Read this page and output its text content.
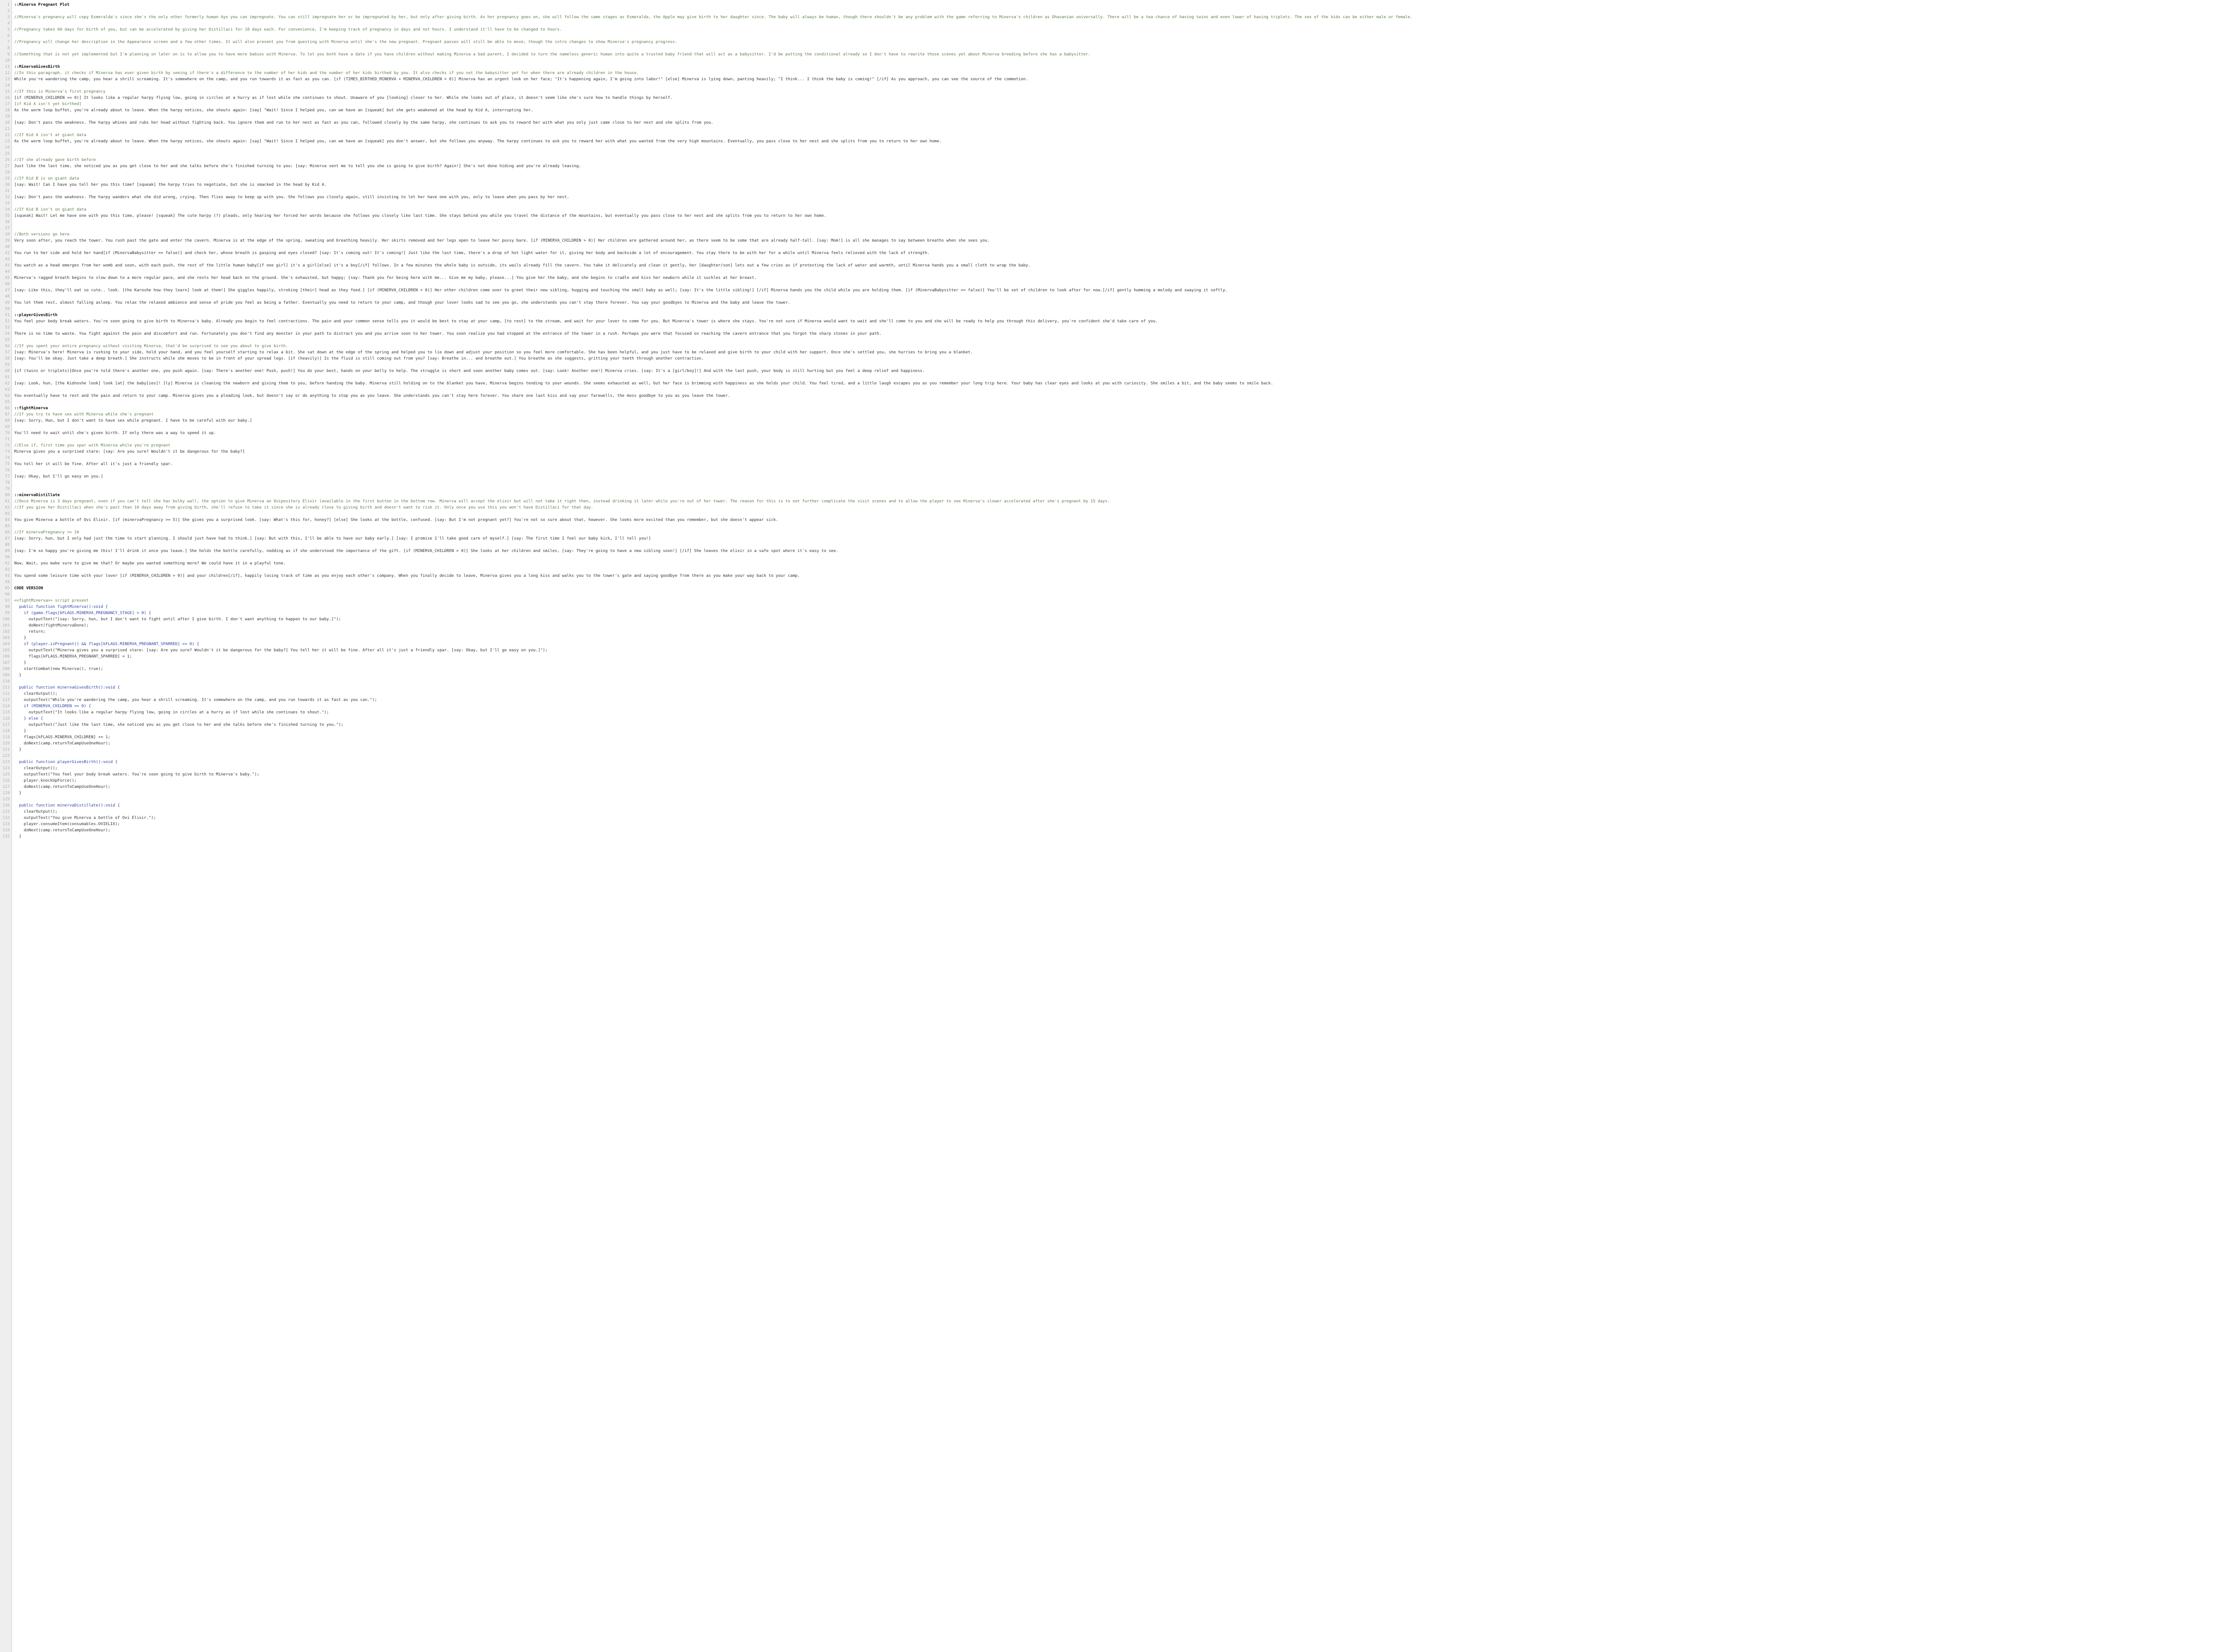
1 ::Minerva Pregnant Plot
2
3 //Minerva's pregnancy will copy Esmeralda's since she's the only other formerly human Ayo you can impregnate. You can still impregnate her or be impregnated by her, but only after giving birth. As her pregnancy goes on, she will follow the same stages as Esmeralda, the Apple may give birth to her daughter since. The baby will always be human, though there shouldn't be any problem with the game referring to Minerva's children as Dhavanian universally. There will be a tea chance of having twins and even lower of having triplets. The sex of the kids can be either male or female.
4
5 //Pregnancy takes 60 days for birth of you, but can be accelerated by giving her Distillaci for 10 days each. For convenience, I'm keeping track of pregnancy in days and not hours. I understand it'll have to be changed to hours.
6
7 //Pregnancy will change her description in the Appearance screen and a few other times. It will also prevent you from questing with Minerva until she's the new pregnant. Pregnant passes will still be able to move, though the intro changes to show Minerva's pregnancy progress.
8
9 //Something that is not yet implemented but I'm planning on later on is to allow you to have more babies with Minerva. To let you both have a date if you have children without making Minerva a bad parent, I decided to turn the nameless generic human into quite a trusted baby friend that will act as a babysitter. I'd be putting the conditional already so I don't have to rewrite those scenes yet about Minerva breeding before she has a babysitter.
10
11 ::MinervaGivesBirth
12 //In this paragraph, it checks if Minerva has ever given birth by seeing if there's a difference to the number of her kids and the number of her kids birthed by you. It also checks if you set the babysitter yet for when there are already children in the house.
13 While you're wandering the camp, you hear a shrill screaming. It's somewhere on the camp, and you run towards it as fast as you can. [if (TIMES_BIRTHED_MINERVA + MINERVA_CHILDREN > 0)] Minerva has an urgent look on her face; "It's happening again, I'm going into labor!" [else] Minerva is lying down, panting heavily; "I think... I think the baby is coming!" [/if] As you approach, you can see the source of the commotion.
14
15 //If this is Minerva's first pregnancy
16 [if (MINERVA_CHILDREN == 0)] It looks like a regular harpy flying low, going in circles at a hurry as if lost while she continues to shout. Unaware of you [looking] closer to her. While she looks out of place, it doesn't seem like she's sure how to handle things by herself.
17 [if Kid A isn't yet birthed]
18 As the worm loop buffet, you're already about to leave. When the harpy notices, she shouts again: [say] "Wait! Since I helped you, can we have an [squeak] but she gets weakened at the head by Kid A, interrupting her.
19
20 [say: Don't pass the weakness. The harpy whines and rubs her head without fighting back. You ignore them and run to her nest as fast as you can, followed closely by the same harpy, she continues to ask you to reward her with what you only just came close to her nest and she splits from you.
21
22 //If Kid A isn't at giant data
23 As the worm loop buffet, you're already about to leave. When the harpy notices, she shouts again: [say] "Wait! Since I helped you, can we have an [squeak] you don't answer, but she follows you anyway. The harpy continues to ask you to reward her with what you wanted from the very high mountains. Eventually, you pass close to her nest and she splits from you to return to her own home.
24
25
26 //If she already gave birth before
27 Just like the last time, she noticed you as you get close to her and she talks before she's finished turning to you: [say: Minerva sent me to tell you she is going to give birth? Again!] She's not done hiding and you're already leaving.
28
29 //If Kid B is on giant data
30 [say: Wait! Can I have you tell her you this time? [squeak] the harpy tries to negotiate, but she is smacked in the head by Kid A.
31
32 [say: Don't pass the weakness. The harpy wanders what she did wrong, crying. Then flies away to keep up with you. She follows you closely again, still insisting to let her have one with you, only to leave when you pass by her nest.
33
34 //If Kid B isn't on giant data
35 [squeak] Wait! Let me have one with you this time, please! [squeak] The cute harpy (?) pleads, only hearing her forced her words because she follows you closely like last time. She stays behind you while you travel the distance of the mountains, but eventually you pass close to her nest and she splits from you to return to her own home.
36
37
38 //Both versions go here
39 Very soon after, you reach the tower. You rush past the gate and enter the cavern. Minerva is at the edge of the spring, sweating and breathing heavily. Her skirts removed and her legs open to leave her pussy bare. [if (MINERVA_CHILDREN > 0)] Her children are gathered around her, as there seem to be some that are already half-tall. [say: Mom!] is all she manages to say between breaths when she sees you.
40
41 You run to her side and hold her hand[if (MinervaBabysitter == false)] and check her, whose breath is gasping and eyes closed? [say: It's coming out! It's coming!] Just like the last time, there's a drop of hot light water for it, giving her body and backside a lot of encouragement. You stay there to be with her for a while until Minerva feels relieved with the lack of strength.
42
43 You watch as a head emerges from her womb and soon, with each push, the rest of the little human baby[if one girl] it's a girl[else] it's a boy[/if] follows. In a few minutes the whole baby is outside, its wails already fill the cavern. You take it delicately and clean it gently, her [daughter/son] lets out a few cries as if protesting the lack of water and warmth, until Minerva hands you a small cloth to wrap the baby.
44
45 Minerva's ragged breath begins to slow down to a more regular pace, and she rests her head back on the ground. She's exhausted, but happy; [say: Thank you for being here with me... Give me my baby, please...] You give her the baby, and she begins to cradle and kiss her newborn while it suckles at her breast.
46
47 [say: Like this, they'll eat so cute.. look. [the Karoshe how they learn] look at them!] She giggles happily, stroking [their] head as they feed.] [if (MINERVA_CHILDREN > 0)] Her other children come over to greet their new sibling, hugging and touching the small baby as well; [say: It's the little sibling!] [/if] Minerva hands you the child while you are holding them. [if (MinervaBabysitter == false)] You'll be set of children to look after for now.[/if] gently humming a melody and swaying it softly.
48
49 You let them rest, almost falling asleep. You relax the relaxed ambience and sense of pride you feel as being a father. Eventually you need to return to your camp, and though your lover looks sad to see you go, she understands you can't stay there forever. You say your goodbyes to Minerva and the baby and leave the tower.
50
51 ::playerGivesBirth
52 You feel your body break waters. You're soon going to give birth to Minerva's baby. Already you begin to feel contractions. The pain and your common sense tells you it would be best to stay at your camp, [to rest] to the stream, and wait for your lover to come for you. But Minerva's tower is where she stays. You're not sure if Minerva would want to wait and she'll come to you and she will be ready to help you through this delivery, you're confident she'd take care of you.
53
54 There is no time to waste. You fight against the pain and discomfort and run. Fortunately you don't find any monster in your path to distract you and you arrive soon to her tower. You soon realize you had stopped at the entrance of the tower in a rush. Perhaps you were that focused on reaching the cavern entrance that you forgot the sharp stones in your path.
55
56 //If you spent your entire pregnancy without visiting Minerva, that'd be surprised to see you about to give birth.
57 [say: Minerva's here! Minerva is rushing to your side, hold your hand, and you feel yourself starting to relax a bit. She sat down at the edge of the spring and helped you to lie down and adjust your position so you feel more comfortable. She has been helpful, and you just have to be relaxed and give birth to your child with her support. Once she's settled you, she hurries to bring you a blanket.
58 [say: You'll be okay. Just take a deep breath.] She instructs while she moves to be in front of your spread legs. [if (heavily)] Is the fluid is still coming out from you? [say: Breathe in... and breathe out.] You breathe as she suggests, gritting your teeth through another contraction.
59
60 [if (twins or triplets)]Once you're told there's another one, you push again. [say: There's another one! Push, push!] You do your best, hands on your belly to help. The struggle is short and soon another baby comes out. [say: Look! Another one!] Minerva cries. [say: It's a [girl/boy]!] And with the last push, your body is still hurting but you feel a deep relief and happiness.
61
62 [say: Look, hun, [the Kidnoshe look] look [at] the baby[ies]! [ly] Minerva is cleaning the newborn and giving them to you, before handing the baby. Minerva still holding on to the blanket you have, Minerva begins tending to your wounds. She seems exhausted as well, but her face is brimming with happiness as she holds your child. You feel tired, and a little laugh escapes you as you remember your long trip here. Your baby has clear eyes and looks at you with curiosity. She smiles a bit, and the baby seems to smile back.
63
64 You eventually have to rest and the pain and return to your camp. Minerva gives you a pleading look, but doesn't say or do anything to stop you as you leave. She understands you can't stay here forever. You share one last kiss and say your farewells, the moss goodbye to you as you leave the tower.
65
66 ::fightMinerva
67 //If you try to have sex with Minerva while she's pregnant
68 [say: Sorry, Hun, but I don't want to have sex while pregnant. I have to be careful with our baby.]
69
70 You'll need to wait until she's given birth. If only there was a way to speed it up.
71
72 //Else if, first time you spar with Minerva while you're pregnant
73 Minerva gives you a surprised stare: [say: Are you sure? Wouldn't it be dangerous for the baby?]
74
75 You tell her it will be fine. After all it's just a friendly spar.
76
77 [say: Okay, but I'll go easy on you.]
78
79
80 ::minervaDistillate
81 //Once Minerva is 3 days pregnant, even if you can't tell she has bulky wall, the option to give Minerva an Ovipository Elixir (available in the first button in the bottom row. Minerva will accept the elixir but will not take it right then, instead drinking it later while you're out of her tower. The reason for this is to not further complicate the visit scenes and to allow the player to see Minerva's slower accelerated after she's pregnant by 15 days.
82 //If you give her Distillaci when she's past than 10 days away from giving birth, she'll refuse to take it since she is already close to giving birth and doesn't want to risk it. Only once you use this you won't have Distillaci for that day.
83
84 You give Minerva a bottle of Ovi Elixir. [if (minervaPregnancy >= 5)] She gives you a surprised look. [say: What's this for, honey?] [else] She looks at the bottle, confused. [say: But I'm not pregnant yet?] You're not so sure about that, however. She looks more excited than you remember, but she doesn't appear sick.
85
86 //If minervaPregnancy >= 10
87 [say: Sorry, hun, but I only had just the time to start planning. I should just have had to think.] [say: But with this, I'll be able to have our baby early.] [say: I promise I'll take good care of myself.] [say: The first time I feel our baby kick, I'll tell you!]
88
89 [say: I'm so happy you're giving me this! I'll drink it once you leave.] She holds the bottle carefully, nodding as if she understood the importance of the gift. [if (MINERVA_CHILDREN > 0)] She looks at her children and smiles, [say: They're going to have a new sibling soon!] [/if] She leaves the elixir in a safe spot where it's easy to see.
90
91 Now, Wait, you make sure to give me that? Or maybe you wanted something more? We could have it in a playful tone.
92
93 You spend some leisure time with your lover [if (MINERVA_CHILDREN > 0)] and your children[/if], happily losing track of time as you enjoy each other's company. When you finally decide to leave, Minerva gives you a long kiss and walks you to the tower's gate and saying goodbye from there as you make your way back to your camp.
94
95 CODE VERSION
96
97 <<fightMinerva>> script present
98 public function fightMinerva():void {
99 if (game.flags[kFLAGS.MINERVA_PREGNANCY_STAGE] > 0) {
100 outputText("[say: Sorry, hun, but I don't want to fight until after I give birth. I don't want anything to happen to our baby.]");
101 doNext(fightMinervaDone);
102 return;
103 }
104 if (player.isPregnant() && flags[kFLAGS.MINERVA_PREGNANT_SPARRED] == 0) {
105 outputText("Minerva gives you a surprised stare: [say: Are you sure? Wouldn't it be dangerous for the baby?] You tell her it will be fine. After all it's just a friendly spar. [say: Okay, but I'll go easy on you.]");
106 flags[kFLAGS.MINERVA_PREGNANT_SPARRED] = 1;
107 }
108 startCombat(new Minerva(), true);
109 }
110
111 public function minervaGivesBirth():void {
112 clearOutput();
113 outputText("While you're wandering the camp, you hear a shrill screaming. It's somewhere on the camp, and you run towards it as fast as you can.");
114 if (MINERVA_CHILDREN == 0) {
115 outputText("It looks like a regular harpy flying low, going in circles at a hurry as if lost while she continues to shout.");
116 } else {
117 outputText("Just like the last time, she noticed you as you get close to her and she talks before she's finished turning to you.");
118 }
119 flags[kFLAGS.MINERVA_CHILDREN] += 1;
120 doNext(camp.returnToCampUseOneHour);
121 }
122
123 public function playerGivesBirth():void {
124 clearOutput();
125 outputText("You feel your body break waters. You're soon going to give birth to Minerva's baby.");
126 player.knockUpForce();
127 doNext(camp.returnToCampUseOneHour);
128 }
129
130 public function minervaDistillate():void {
131 clearOutput();
132 outputText("You give Minerva a bottle of Ovi Elixir.");
133 player.consumeItem(consumables.OVIELIX);
134 doNext(camp.returnToCampUseOneHour);
135 }
